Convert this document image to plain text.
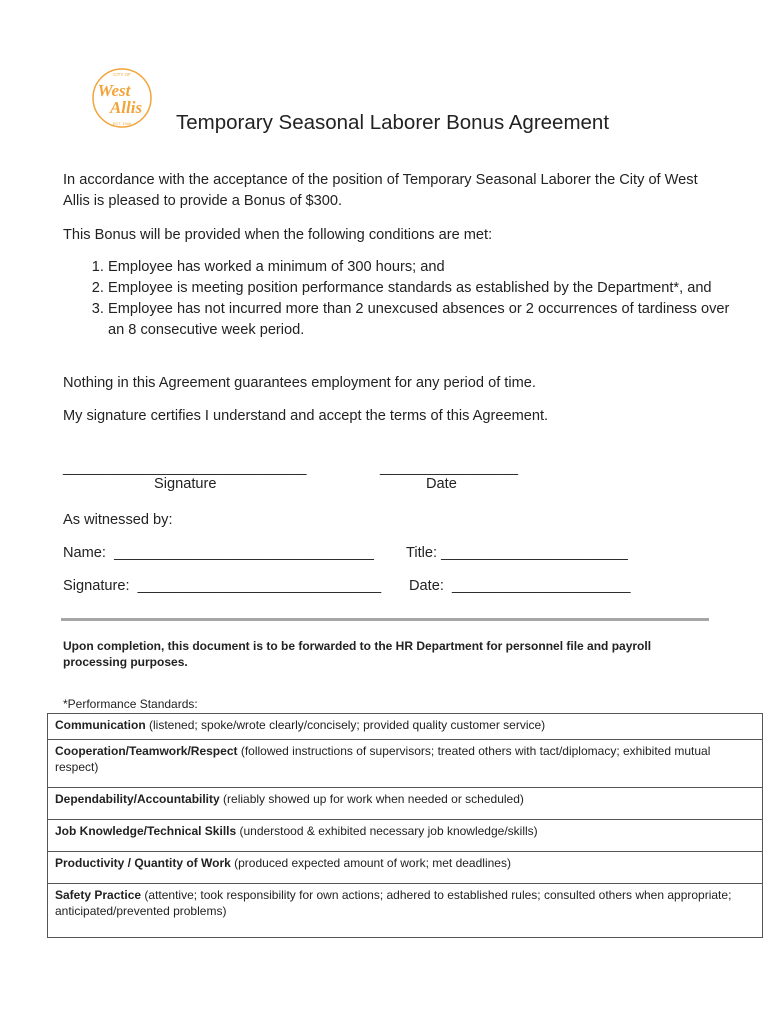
CITY OF
West
Allis
EST. 1906 Temporary Seasonal Laborer Bonus Agreement
In accordance with the acceptance of the position of Temporary Seasonal Laborer the City of West Allis is pleased to provide a Bonus of $300.
This Bonus will be provided when the following conditions are met:
1. Employee has worked a minimum of 300 hours; and
2. Employee is meeting position performance standards as established by the Department*, and
3. Employee has not incurred more than 2 unexcused absences or 2 occurrences of tardiness over an 8 consecutive week period.
Nothing in this Agreement guarantees employment for any period of time.
My signature certifies I understand and accept the terms of this Agreement.
______________________________	_________________
Signature	Date
As witnessed by:
Name:  ________________________________ Title: _______________________
Signature:  ______________________________ Date:  ______________________
Upon completion, this document is to be forwarded to the HR Department for personnel file and payroll processing purposes.
*Performance Standards:
Communication (listened; spoke/wrote clearly/concisely; provided quality customer service)
Cooperation/Teamwork/Respect (followed instructions of supervisors; treated others with tact/diplomacy; exhibited mutual respect)
Dependability/Accountability (reliably showed up for work when needed or scheduled)
Job Knowledge/Technical Skills (understood & exhibited necessary job knowledge/skills)
Productivity / Quantity of Work (produced expected amount of work; met deadlines)
Safety Practice (attentive; took responsibility for own actions; adhered to established rules; consulted others when appropriate; anticipated/prevented problems)
